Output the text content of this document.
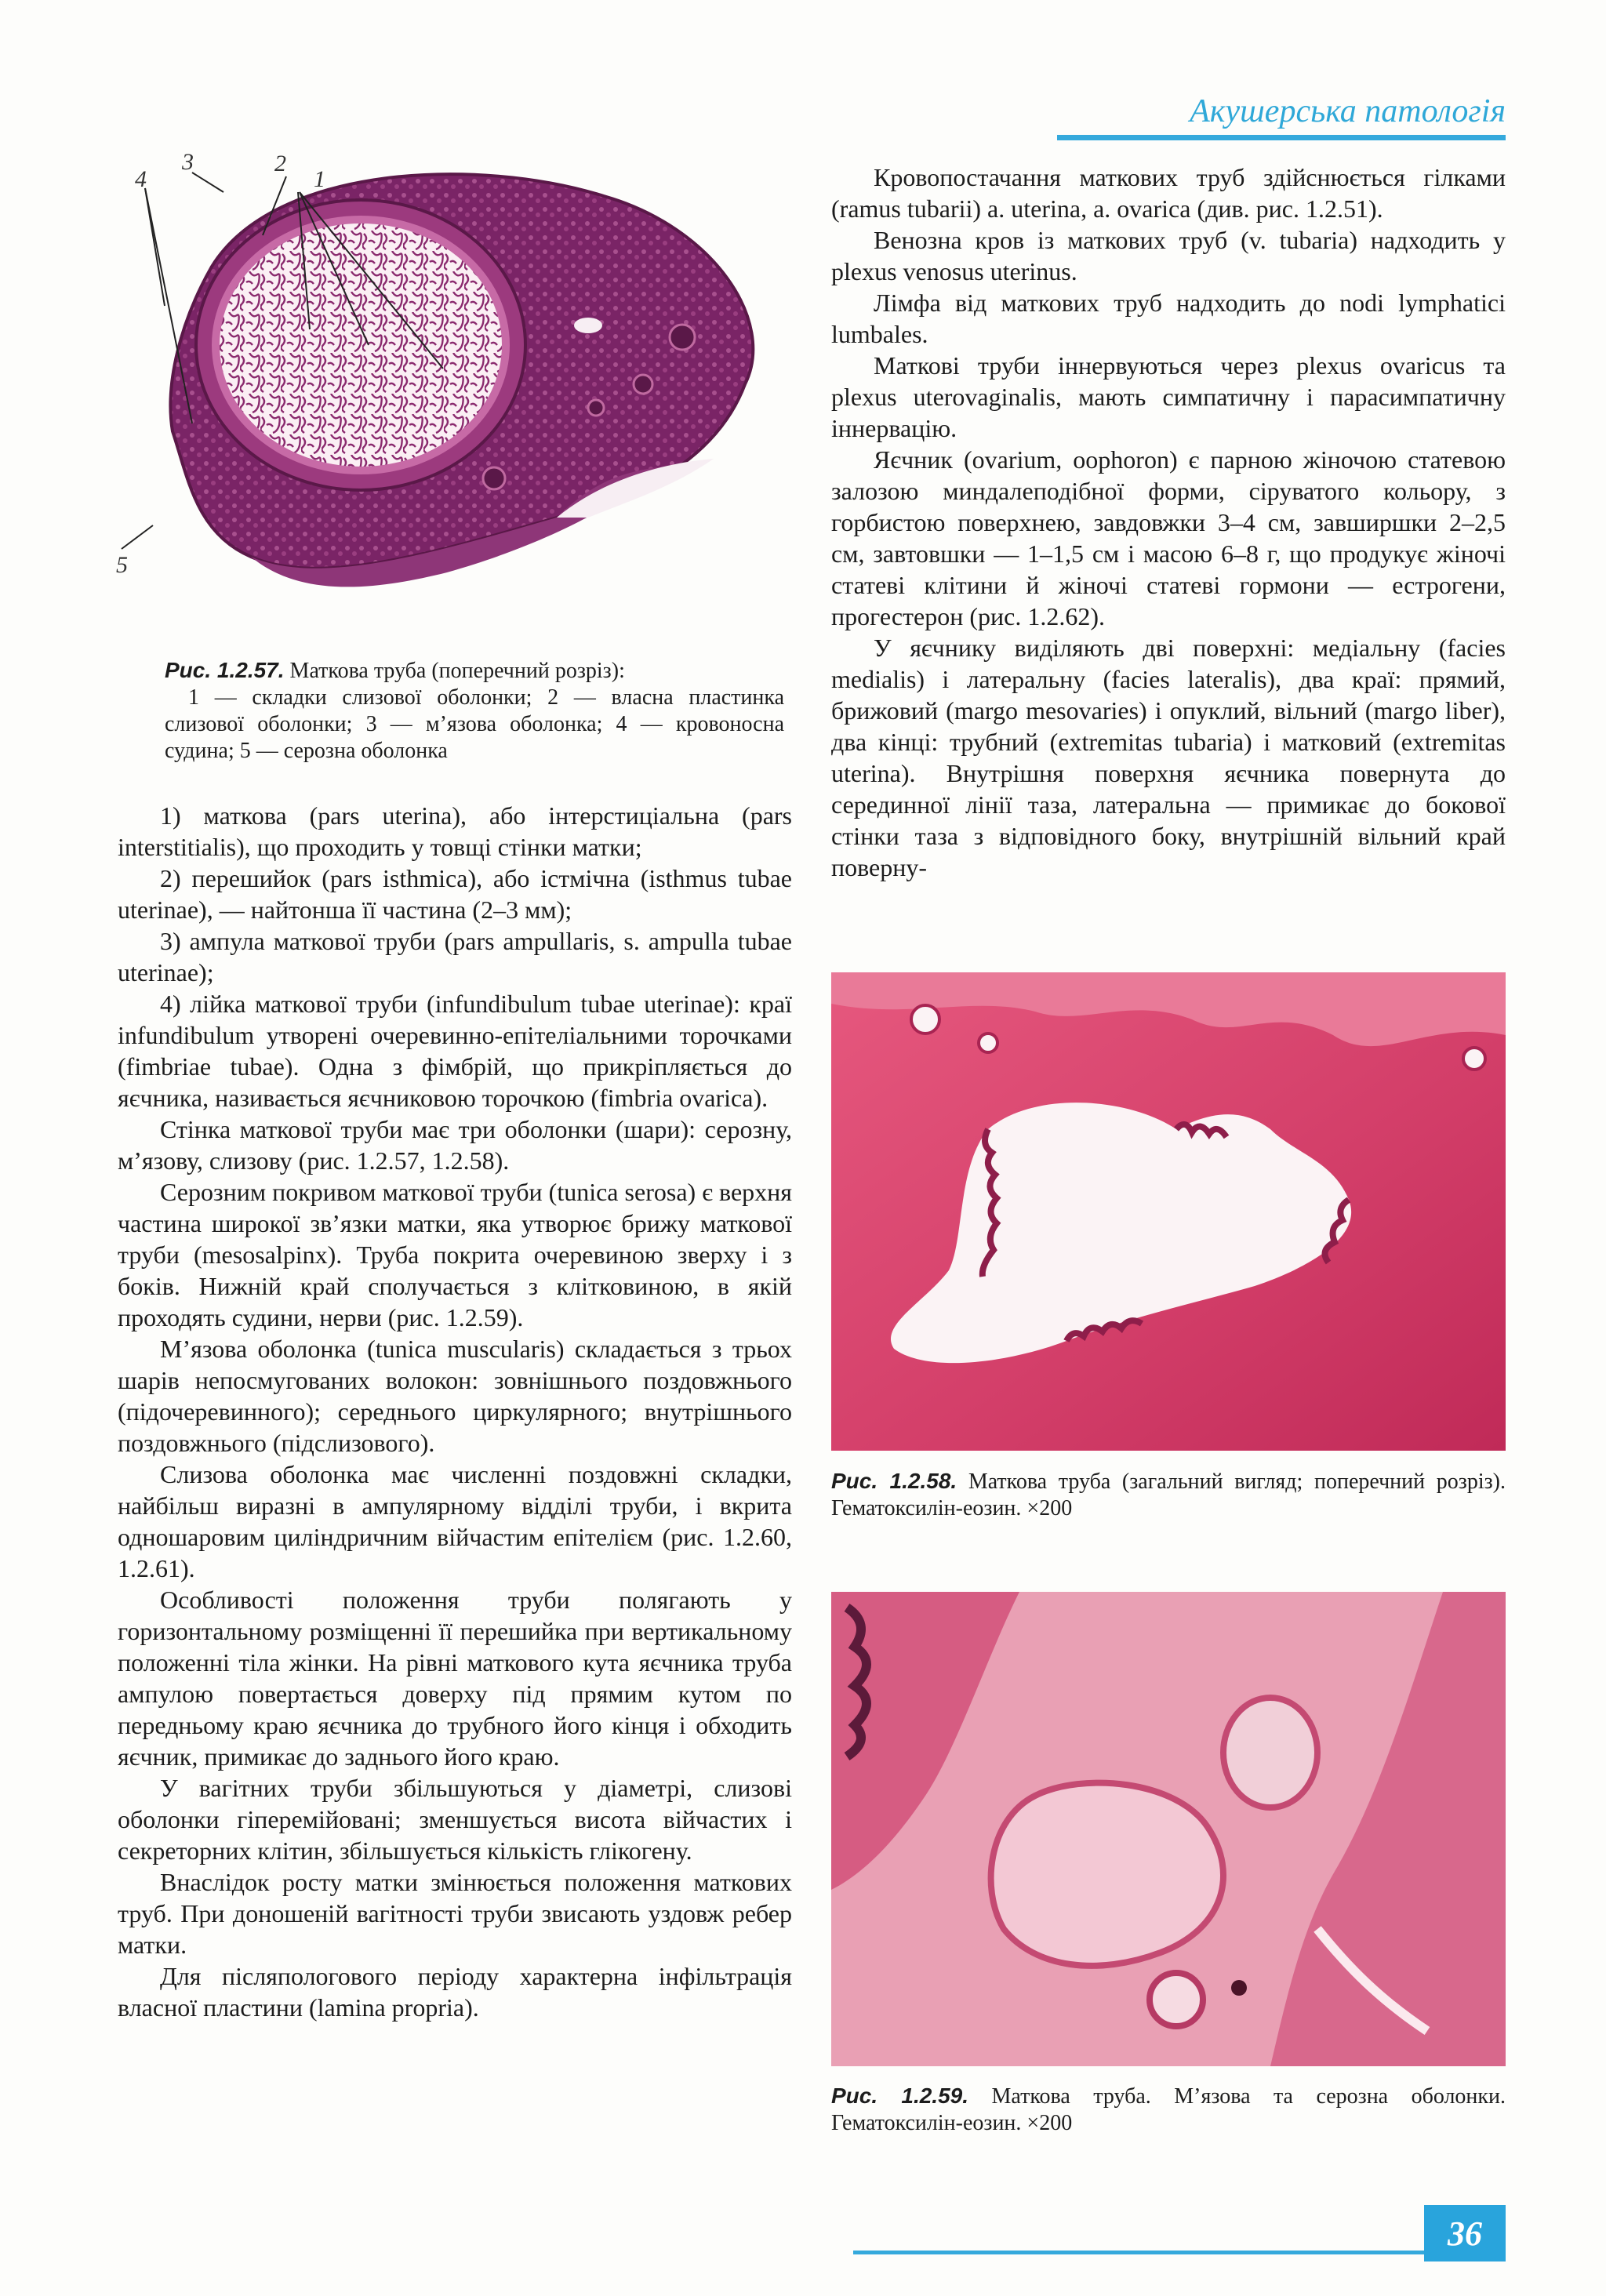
Акушерська патологія
1
2
3
4
5

Рис. 1.2.57. Маткова труба (поперечний розріз):

1 — складки слизової оболонки; 2 — власна пластинка слизової оболонки; 3 — м’язова оболонка; 4 — кровоносна судина; 5 — серозна оболонка

1) маткова (pars uterina), або інтерстиціальна (pars interstitialis), що проходить у товщі стінки матки;

2) перешийок (pars isthmica), або істмічна (isthmus tubae uterinae), — найтонша її частина (2–3 мм);

3) ампула маткової труби (pars ampullaris, s. ampulla tubae uterinae);

4) лійка маткової труби (infundibulum tubae uterinae): краї infundibulum утворені очеревинно-епітеліальними торочками (fimbriae tubae). Одна з фімбрій, що прикріпляється до яєчника, називається яєчниковою торочкою (fimbria ovarica).

Стінка маткової труби має три оболонки (шари): серозну, м’язову, слизову (рис. 1.2.57, 1.2.58).

Серозним покривом маткової труби (tunica serosa) є верхня частина широкої зв’язки матки, яка утворює брижу маткової труби (mesosalpinx). Труба покрита очеревиною зверху і з боків. Нижній край сполучається з клітковиною, в якій проходять судини, нерви (рис. 1.2.59).

М’язова оболонка (tunica muscularis) складається з трьох шарів непосмугованих волокон: зовнішнього поздовжнього (підочеревинного); середнього циркулярного; внутрішнього поздовжнього (підслизового).

Слизова оболонка має численні поздовжні складки, найбільш виразні в ампулярному відділі труби, і вкрита одношаровим циліндричним війчастим епітелієм (рис. 1.2.60, 1.2.61).

Особливості положення труби полягають у горизонтальному розміщенні її перешийка при вертикальному положенні тіла жінки. На рівні маткового кута яєчника труба ампулою повертається доверху під прямим кутом по передньому краю яєчника до трубного його кінця і обходить яєчник, примикає до заднього його краю.

У вагітних труби збільшуються у діаметрі, слизові оболонки гіперемійовані; зменшується висота війчастих і секреторних клітин, збільшується кількість глікогену.

Внаслідок росту матки змінюється положення маткових труб. При доношеній вагітності труби звисають уздовж ребер матки.

Для післяпологового періоду характерна інфільтрація власної пластини (lamina propria).

Кровопостачання маткових труб здійснюється гілками (ramus tubarii) a. uterina, a. ovarica (див. рис. 1.2.51).

Венозна кров із маткових труб (v. tubaria) надходить у plexus venosus uterinus.

Лімфа від маткових труб надходить до nodi lymphatici lumbales.

Маткові труби іннервуються через plexus ovaricus та plexus uterovaginalis, мають симпатичну і парасимпатичну іннервацію.

Яєчник (ovarium, oophoron) є парною жіночою статевою залозою миндалеподібної форми, сіруватого кольору, з горбистою поверхнею, завдовжки 3–4 см, завширшки 2–2,5 см, завтовшки — 1–1,5 см і масою 6–8 г, що продукує жіночі статеві клітини й жіночі статеві гормони — естрогени, прогестерон (рис. 1.2.62).

У яєчнику виділяють дві поверхні: медіальну (facies medialis) і латеральну (facies lateralis), два краї: прямий, брижовий (margo mesovaries) і опуклий, вільний (margo liber), два кінці: трубний (extremitas tubaria) і матковий (extremitas uterina). Внутрішня поверхня яєчника повернута до серединної лінії таза, латеральна — примикає до бокової стінки таза з відповідного боку, внутрішній вільний край поверну-

Рис. 1.2.58. Маткова труба (загальний вигляд; поперечний розріз). Гематоксилін-еозин. ×200

Рис. 1.2.59. Маткова труба. М’язова та серозна оболонки. Гематоксилін-еозин. ×200

36
